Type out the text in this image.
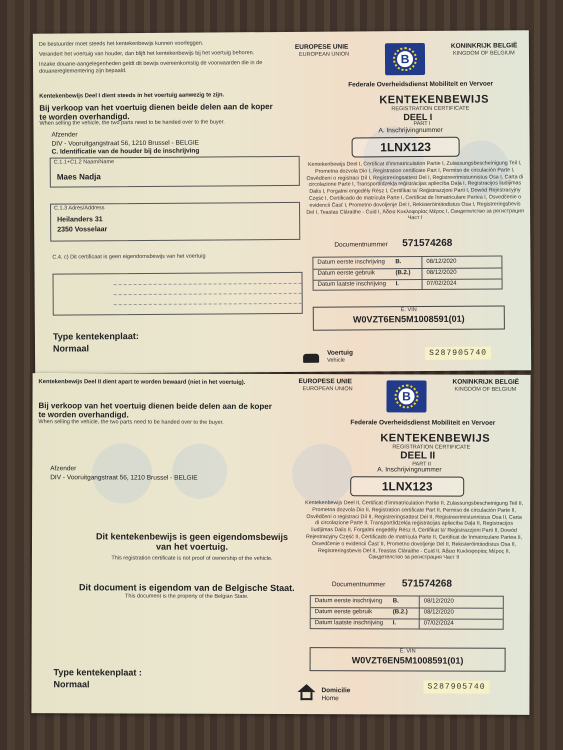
De bestuurder moet steeds het kentekenbewijs kunnen voorleggen.
Verandert het voertuig van houder, dan blijft het kentekenbewijs bij het voertuig behoren.
Inzake douane-aangelegenheden geldt dit bewijs overeenkomstig de voorwaarden die in de douanereglementering zijn bepaald.
Kentekenbewijs Deel I dient steeds in het voertuig aanwezig te zijn.
Bij verkoop van het voertuig dienen beide delen aan de koper te worden overhandigd.
When selling the vehicle, the two parts need to be handed over to the buyer.
EUROPESE UNIE
EUROPEAN UNION	B
KONINKRIJK BELGIË
KINGDOM OF BELGIUM
Federale Overheidsdienst Mobiliteit en Vervoer
KENTEKENBEWIJS
REGISTRATION CERTIFICATE
DEEL I
PART I
A. Inschrijvingnummer
1LNX123
Afzender
DIV - Vooruitgangstraat 56, 1210 Brussel - BELGIE
C. Identificatie van de houder bij de inschrijving
C.1.1+C1.2 Naam/Name
Maes Nadja
C.1.3 Adres/Address
Heilanders 31
2350 Vosselaar
C.4. c) Dit certificaat is geen eigendomsbewijs van het voertuig
Kentekenbewijs Deel I, Certificat d'immatriculation Partie I, Zulassungsbescheinigung Teil I, Prometna dozvola Dio I, Registration certificate Part I, Permiso de circulación Parte I, Osvědčení o registraci Díl I, Registreringsattest Del I, Registreerimistunnistus Osa I, Carta di circolazione Parte I, Transportlīdzekļa reģistrācijas apliecība Daļa I, Registracijos liudijimas Dalis I, Forgalmi engedély Rész I, Certifikat ta' Reġistrazzjoni Parti I, Dowód Rejestracyjny Część I, Certificado de matrícula Parte I, Certificat de înmatriculare Partea I, Osvedčenie o evidencii Časť I, Prometno dovoljenje Del I, Rekisteröintitodistus Osa I, Registreringsbevis Del I, Teastas Cláraithe - Cuid I, Άδεια Κυκλοφορίας Μέρος I, Свидетелство за регистрация Част I
Documentnummer 571574268
Datum eerste inschrijving B.	08/12/2020
Datum eerste gebruik	(B.2.)	08/12/2020
Datum laatste inschrijving I.	07/02/2024
E. VIN
W0VZT6EN5M1008591(01)
Type kentekenplaat:
Normaal	Voertuig
Vehicle
S287905740
Kentekenbewijs Deel II dient apart te worden bewaard (niet in het voertuig).
Bij verkoop van het voertuig dienen beide delen aan de koper te worden overhandigd.
When selling the vehicle, the two parts need to be handed over to the buyer.
EUROPESE UNIE
EUROPEAN UNION
B
KONINKRIJK BELGIË
KINGDOM OF BELGIUM
Federale Overheidsdienst Mobiliteit en Vervoer
KENTEKENBEWIJS
REGISTRATION CERTIFICATE
DEEL II
PART II
A. Inschrijvingnummer
1LNX123
Afzender
DIV - Vooruitgangstraat 56, 1210 Brussel - BELGIE
Dit kentekenbewijs is geen eigendomsbewijs van het voertuig.
This registration certificate is not proof of ownership of the vehicle.
Dit document is eigendom van de Belgische Staat.
This document is the property of the Belgian State.
Kentekenbewijs Deel II, Certificat d'immatriculation Partie II, Zulassungsbescheinigung Teil II, Prometna dozvola Dio II, Registration certificate Part II, Permiso de circulación Parte II, Osvědčení o registraci Díl II, Registreringsattest Del II, Registreerimistunnistus Osa II, Carta di circolazione Parte II, Transportlīdzekļa reģistrācijas apliecība Daļa II, Registracijos liudijimas Dalis II, Forgalmi engedély Rész II, Certifikat ta' Reġistrazzjoni Parti II, Dowód Rejestracyjny Część II, Certificado de matrícula Parte II, Certificat de înmatriculare Partea II, Osvedčenie o evidencii Časť II, Prometno dovoljenje Del II, Rekisteröintitodistus Osa II, Registreringsbevis Del II, Teastas Cláraithe - Cuid II, Άδεια Κυκλοφορίας Μέρος II, Свидетелство за регистрация Част II
Documentnummer 571574268
Datum eerste inschrijving B.	08/12/2020
Datum eerste gebruik	(B.2.)	08/12/2020
Datum laatste inschrijving I.	07/02/2024
E. VIN
W0VZT6EN5M1008591(01)
Type kentekenplaat :
Normaal
Domicilie
Home
S287905740
